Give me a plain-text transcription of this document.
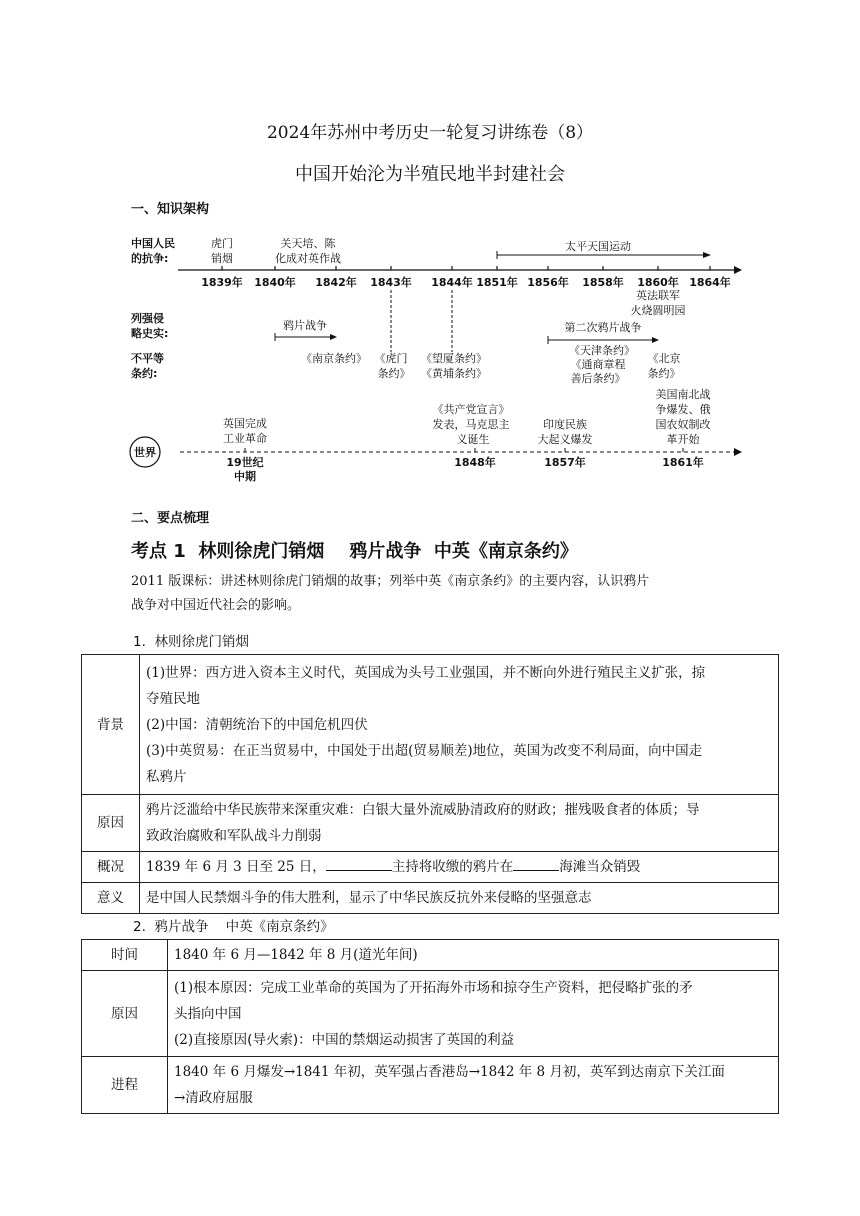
2024年苏州中考历史一轮复习讲练卷（8）
中国开始沦为半殖民地半封建社会
一、知识架构
中国人民
的抗争:
列强侵
略史实:
不平等
条约:
1839年 1840年 1842年 1843年 1844年 1851年 1856年 1858年 1860年 1864年
虎门
销烟
关天培、陈
化成对英作战
太平天国运动
英法联军
火烧圆明园
鸦片战争	第二次鸦片战争
《南京条约》 《虎门
条约》
《望厦条约》
《黄埔条约》
《天津条约》
《通商章程
善后条约》
《北京
条约》
世界
英国完成
工业革命
《共产党宣言》
发表，马克思主
义诞生
印度民族
大起义爆发
美国南北战
争爆发、俄
国农奴制改
革开始
19世纪
中期
1848年	1857年	1861年
二、要点梳理
考点 1  林则徐虎门销烟    鸦片战争  中英《南京条约》
2011 版课标：讲述林则徐虎门销烟的故事；列举中英《南京条约》的主要内容，认识鸦片
战争对中国近代社会的影响。
1.  林则徐虎门销烟
背景	(1)世界：西方进入资本主义时代，英国成为头号工业强国，并不断向外进行殖民主义扩张，掠
夺殖民地
(2)中国：清朝统治下的中国危机四伏
(3)中英贸易：在正当贸易中，中国处于出超(贸易顺差)地位，英国为改变不利局面，向中国走
私鸦片

原因	鸦片泛滥给中华民族带来深重灾难：白银大量外流威胁清政府的财政；摧残吸食者的体质；导
致政治腐败和军队战斗力削弱

概况	1839 年 6 月 3 日至 25 日， 主持将收缴的鸦片在 海滩当众销毁
意义	是中国人民禁烟斗争的伟大胜利，显示了中华民族反抗外来侵略的坚强意志
2.  鸦片战争    中英《南京条约》
时间	1840 年 6 月—1842 年 8 月(道光年间)
原因	(1)根本原因：完成工业革命的英国为了开拓海外市场和掠夺生产资料，把侵略扩张的矛
头指向中国
(2)直接原因(导火索)：中国的禁烟运动损害了英国的利益

进程	1840 年 6 月爆发→1841 年初，英军强占香港岛→1842 年 8 月初，英军到达南京下关江面
→清政府屈服
